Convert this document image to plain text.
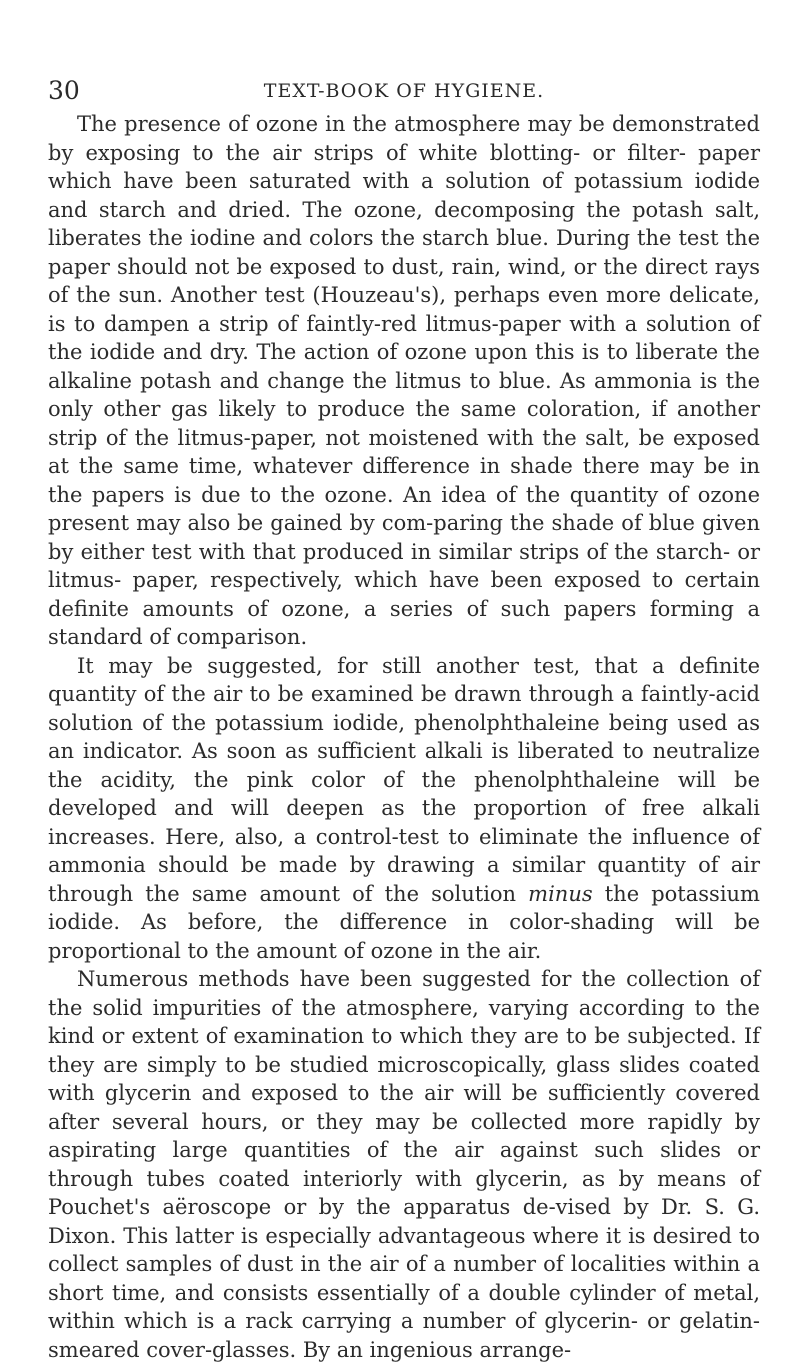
30	TEXT-BOOK OF HYGIENE.

The presence of ozone in the atmosphere may be demonstrated by exposing to the air strips of white blotting- or filter- paper which have been saturated with a solution of potassium iodide and starch and dried. The ozone, decomposing the potash salt, liberates the iodine and colors the starch blue. During the test the paper should not be exposed to dust, rain, wind, or the direct rays of the sun. Another test (Houzeau's), perhaps even more delicate, is to dampen a strip of faintly-red litmus-paper with a solution of the iodide and dry. The action of ozone upon this is to liberate the alkaline potash and change the litmus to blue. As ammonia is the only other gas likely to produce the same coloration, if another strip of the litmus-paper, not moistened with the salt, be exposed at the same time, whatever difference in shade there may be in the papers is due to the ozone. An idea of the quantity of ozone present may also be gained by com-paring the shade of blue given by either test with that produced in similar strips of the starch- or litmus- paper, respectively, which have been exposed to certain definite amounts of ozone, a series of such papers forming a standard of comparison.

It may be suggested, for still another test, that a definite quantity of the air to be examined be drawn through a faintly-acid solution of the potassium iodide, phenolphthaleine being used as an indicator. As soon as sufficient alkali is liberated to neutralize the acidity, the pink color of the phenolphthaleine will be developed and will deepen as the proportion of free alkali increases. Here, also, a control-test to eliminate the influence of ammonia should be made by drawing a similar quantity of air through the same amount of the solution minus the potassium iodide. As before, the difference in color-shading will be proportional to the amount of ozone in the air.

Numerous methods have been suggested for the collection of the solid impurities of the atmosphere, varying according to the kind or extent of examination to which they are to be subjected. If they are simply to be studied microscopically, glass slides coated with glycerin and exposed to the air will be sufficiently covered after several hours, or they may be collected more rapidly by aspirating large quantities of the air against such slides or through tubes coated interiorly with glycerin, as by means of Pouchet's aëroscope or by the apparatus de-vised by Dr. S. G. Dixon. This latter is especially advantageous where it is desired to collect samples of dust in the air of a number of localities within a short time, and consists essentially of a double cylinder of metal, within which is a rack carrying a number of glycerin- or gelatin- smeared cover-glasses. By an ingenious arrange-
